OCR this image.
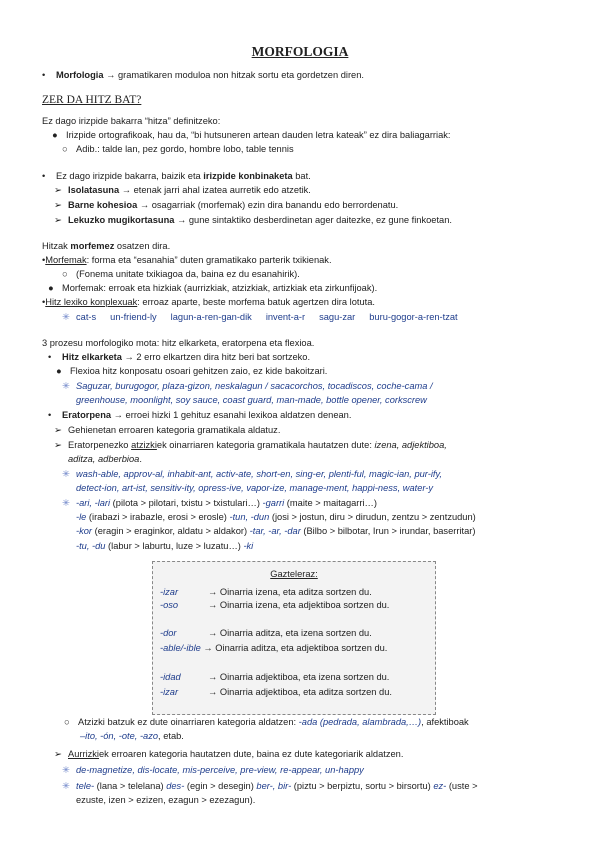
MORFOLOGIA
• Morfologia → gramatikaren moduloa non hitzak sortu eta gordetzen diren.
ZER DA HITZ BAT?
Ez dago irizpide bakarra “hitza” definitzeko:
● Irizpide ortografikoak, hau da, “bi hutsuneren artean dauden letra kateak” ez dira baliagarriak:
○ Adib.: talde lan, pez gordo, hombre lobo, table tennis
• Ez dago irizpide bakarra, baizik eta irizpide konbinaketa bat.
➢ Isolatasuna → etenak jarri ahal izatea aurretik edo atzetik.
➢ Barne kohesioa → osagarriak (morfemak) ezin dira banandu edo berrordenatu.
➢ Lekuzko mugikortasuna → gune sintaktiko desberdinetan ager daitezke, ez gune finkoetan.
Hitzak morfemez osatzen dira.
•Morfemak: forma eta “esanahia” duten gramatikako parterik txikienak.
○ (Fonema unitate txikiagoa da, baina ez du esanahirik).
● Morfemak: erroak eta hizkiak (aurrizkiak, atzizkiak, artizkiak eta zirkunfijoak).
•Hitz lexiko konplexuak: erroaz aparte, beste morfema batuk agertzen dira lotuta.
✳ cat-s un-friend-ly lagun-a-ren-gan-dik invent-a-r sagu-zar buru-gogor-a-ren-tzat
3 prozesu morfologiko mota: hitz elkarketa, eratorpena eta flexioa.
• Hitz elkarketa → 2 erro elkartzen dira hitz beri bat sortzeko.
● Flexioa hitz konposatu osoari gehitzen zaio, ez kide bakoitzari.
✳ Saguzar, burugogor, plaza-gizon, neskalagun / sacacorchos, tocadiscos, coche-cama /
greenhouse, moonlight, soy sauce, coast guard, man-made, bottle opener, corkscrew
• Eratorpena → erroei hizki 1 gehituz esanahi lexikoa aldatzen denean.
➢ Gehienetan erroaren kategoria gramatikala aldatuz.
➢ Eratorpenezko atzizkiek oinarriaren kategoria gramatikala hautatzen dute: izena, adjektiboa,
aditza, adberbioa.
✳ wash-able, approv-al, inhabit-ant, activ-ate, short-en, sing-er, plenti-ful, magic-ian, pur-ify,
detect-ion, art-ist, sensitiv-ity, opress-ive, vapor-ize, manage-ment, happi-ness, water-y
✳ -ari, -lari (pilota > pilotari, txistu > txistulari…) -garri (maite > maitagarri…)
-le (irabazi > irabazle, erosi > erosle) -tun, -dun (josi > jostun, diru > dirudun, zentzu > zentzudun)
-kor (eragin > eraginkor, aldatu > aldakor) -tar, -ar, -dar (Bilbo > bilbotar, Irun > irundar, baserritar)
-tu, -du (labur > laburtu, luze > luzatu…) -ki
Gazteleraz:
-izar	→ Oinarria izena, eta aditza sortzen du.
-oso	→ Oinarria izena, eta adjektiboa sortzen du.
-dor	→ Oinarria aditza, eta izena sortzen du.
-able/-ible → Oinarria aditza, eta adjektiboa sortzen du.
-idad	→ Oinarria adjektiboa, eta izena sortzen du.
-izar	→ Oinarria adjektiboa, eta aditza sortzen du.
○ Atzizki batzuk ez dute oinarriaren kategoria aldatzen: -ada (pedrada, alambrada,…), afektiboak
–ito, -ón, -ote, -azo, etab.
➢ Aurrizkiek erroaren kategoria hautatzen dute, baina ez dute kategoriarik aldatzen.
✳ de-magnetize, dis-locate, mis-perceive, pre-view, re-appear, un-happy
✳ tele- (lana > telelana) des- (egin > desegin) ber-, bir- (piztu > berpiztu, sortu > birsortu) ez- (uste >
ezuste, izen > ezizen, ezagun > ezezagun).
